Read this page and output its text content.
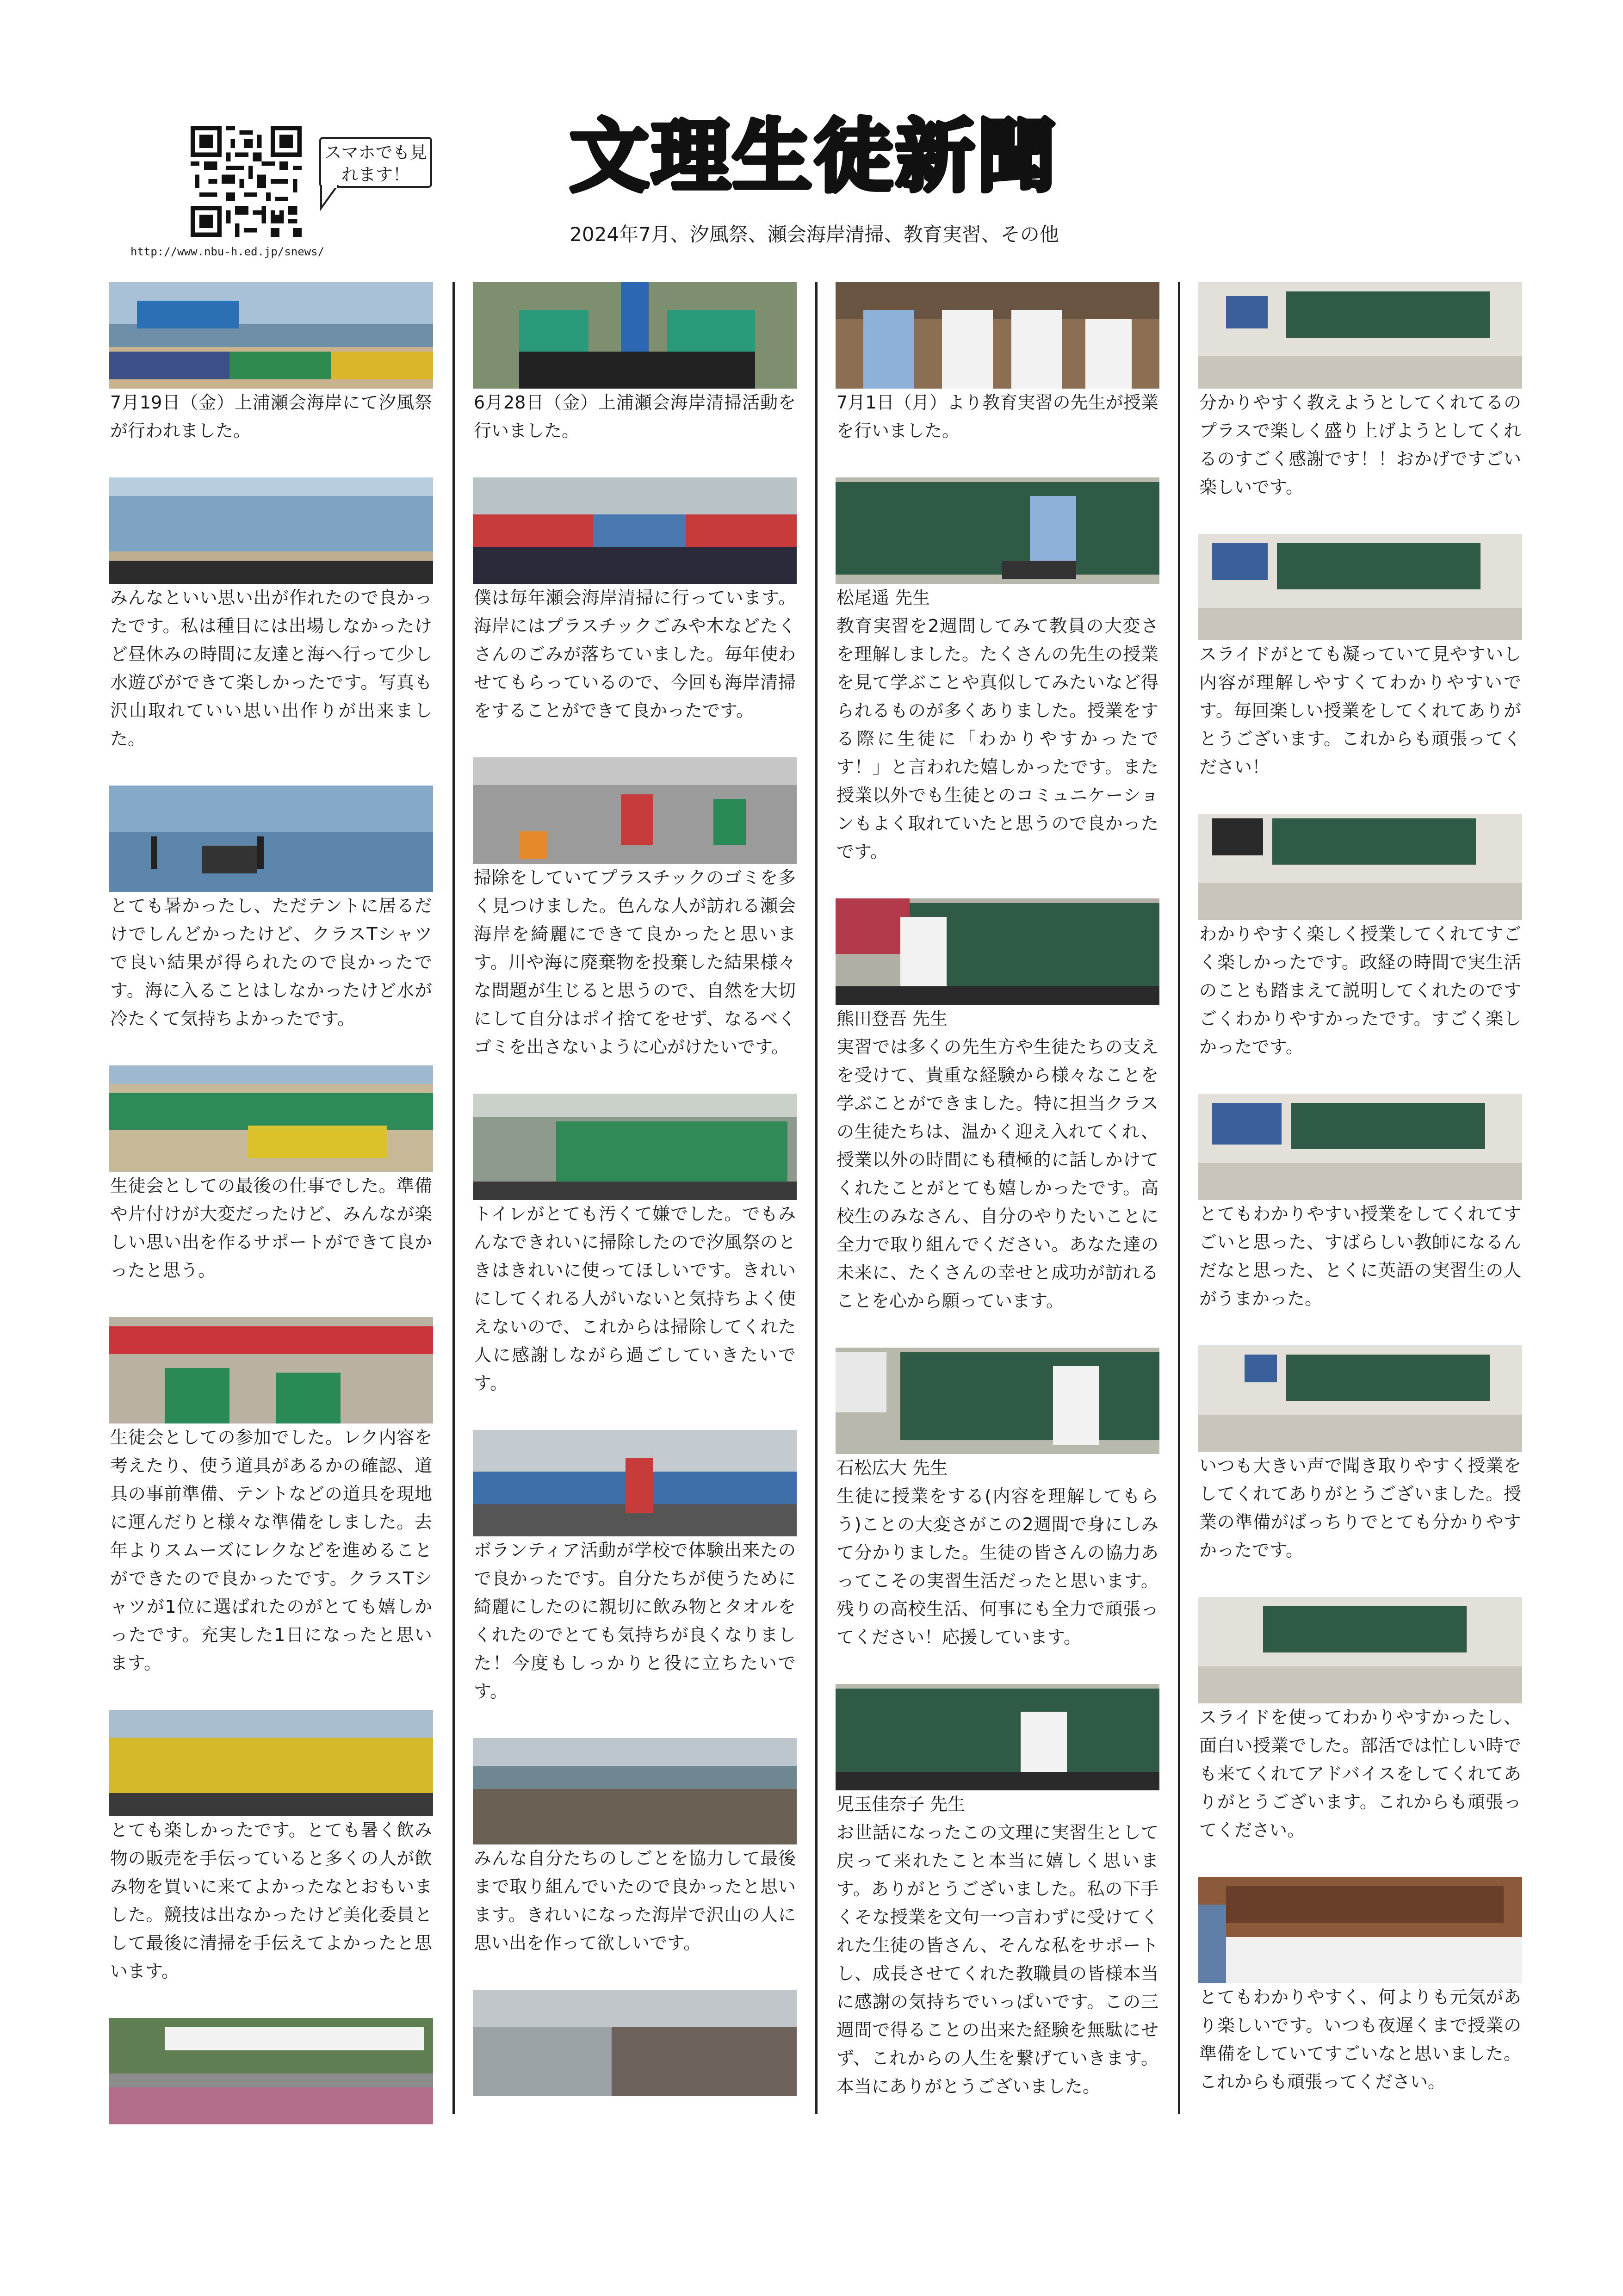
スマホでも見れます！
http://www.nbu-h.ed.jp/snews/
文理生徒新聞
2024年7月、汐風祭、瀬会海岸清掃、教育実習、その他

7月19日（金）上浦瀬会海岸にて汐風祭が行われました。

みんなといい思い出が作れたので良かったです。私は種目には出場しなかったけど昼休みの時間に友達と海へ行って少し水遊びができて楽しかったです。写真も沢山取れていい思い出作りが出来ました。

とても暑かったし、ただテントに居るだけでしんどかったけど、クラスTシャツで良い結果が得られたので良かったです。海に入ることはしなかったけど水が冷たくて気持ちよかったです。

生徒会としての最後の仕事でした。準備や片付けが大変だったけど、みんなが楽しい思い出を作るサポートができて良かったと思う。

生徒会としての参加でした。レク内容を考えたり、使う道具があるかの確認、道具の事前準備、テントなどの道具を現地に運んだりと様々な準備をしました。去年よりスムーズにレクなどを進めることができたので良かったです。クラスTシャツが1位に選ばれたのがとても嬉しかったです。充実した1日になったと思います。

とても楽しかったです。とても暑く飲み物の販売を手伝っていると多くの人が飲み物を買いに来てよかったなとおもいました。競技は出なかったけど美化委員として最後に清掃を手伝えてよかったと思います。

6月28日（金）上浦瀬会海岸清掃活動を行いました。

僕は毎年瀬会海岸清掃に行っています。海岸にはプラスチックごみや木などたくさんのごみが落ちていました。毎年使わせてもらっているので、今回も海岸清掃をすることができて良かったです。

掃除をしていてプラスチックのゴミを多く見つけました。色んな人が訪れる瀬会海岸を綺麗にできて良かったと思います。川や海に廃棄物を投棄した結果様々な問題が生じると思うので、自然を大切にして自分はポイ捨てをせず、なるべくゴミを出さないように心がけたいです。

トイレがとても汚くて嫌でした。でもみんなできれいに掃除したので汐風祭のときはきれいに使ってほしいです。きれいにしてくれる人がいないと気持ちよく使えないので、これからは掃除してくれた人に感謝しながら過ごしていきたいです。

ボランティア活動が学校で体験出来たので良かったです。自分たちが使うために綺麗にしたのに親切に飲み物とタオルをくれたのでとても気持ちが良くなりました！今度もしっかりと役に立ちたいです。

みんな自分たちのしごとを協力して最後まで取り組んでいたので良かったと思います。きれいになった海岸で沢山の人に思い出を作って欲しいです。

7月1日（月）より教育実習の先生が授業を行いました。

松尾遥 先生
教育実習を2週間してみて教員の大変さを理解しました。たくさんの先生の授業を見て学ぶことや真似してみたいなど得られるものが多くありました。授業をする際に生徒に「わかりやすかったです！」と言われた嬉しかったです。また授業以外でも生徒とのコミュニケーションもよく取れていたと思うので良かったです。

熊田登吾 先生
実習では多くの先生方や生徒たちの支えを受けて、貴重な経験から様々なことを学ぶことができました。特に担当クラスの生徒たちは、温かく迎え入れてくれ、授業以外の時間にも積極的に話しかけてくれたことがとても嬉しかったです。高校生のみなさん、自分のやりたいことに全力で取り組んでください。あなた達の未来に、たくさんの幸せと成功が訪れることを心から願っています。

石松広大 先生
生徒に授業をする(内容を理解してもらう)ことの大変さがこの2週間で身にしみて分かりました。生徒の皆さんの協力あってこその実習生活だったと思います。残りの高校生活、何事にも全力で頑張ってください！応援しています。

児玉佳奈子 先生
お世話になったこの文理に実習生として戻って来れたこと本当に嬉しく思います。ありがとうございました。私の下手くそな授業を文句一つ言わずに受けてくれた生徒の皆さん、そんな私をサポートし、成長させてくれた教職員の皆様本当に感謝の気持ちでいっぱいです。この三週間で得ることの出来た経験を無駄にせず、これからの人生を繋げていきます。本当にありがとうございました。

分かりやすく教えようとしてくれてるのプラスで楽しく盛り上げようとしてくれるのすごく感謝です！！おかげですごい楽しいです。

スライドがとても凝っていて見やすいし内容が理解しやすくてわかりやすいです。毎回楽しい授業をしてくれてありがとうございます。これからも頑張ってください！

わかりやすく楽しく授業してくれてすごく楽しかったです。政経の時間で実生活のことも踏まえて説明してくれたのですごくわかりやすかったです。すごく楽しかったです。

とてもわかりやすい授業をしてくれてすごいと思った、すばらしい教師になるんだなと思った、とくに英語の実習生の人がうまかった。

いつも大きい声で聞き取りやすく授業をしてくれてありがとうございました。授業の準備がばっちりでとても分かりやすかったです。

スライドを使ってわかりやすかったし、面白い授業でした。部活では忙しい時でも来てくれてアドバイスをしてくれてありがとうございます。これからも頑張ってください。

とてもわかりやすく、何よりも元気があり楽しいです。いつも夜遅くまで授業の準備をしていてすごいなと思いました。これからも頑張ってください。
